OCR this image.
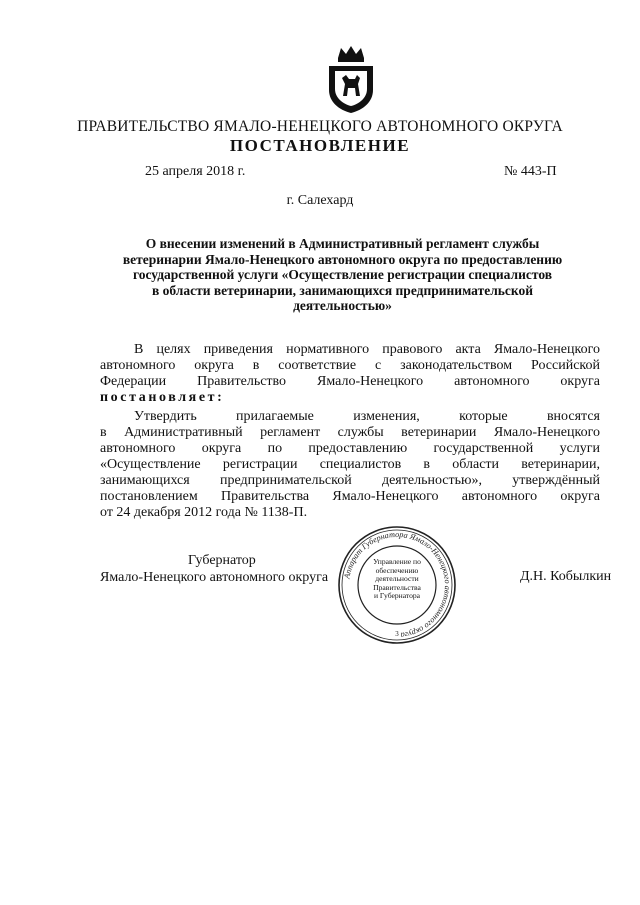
ПРАВИТЕЛЬСТВО ЯМАЛО-НЕНЕЦКОГО АВТОНОМНОГО ОКРУГА
ПОСТАНОВЛЕНИЕ
25 апреля 2018 г.	№ 443-П
г. Салехард
О внесении изменений в Административный регламент службы
ветеринарии Ямало-Ненецкого автономного округа по предоставлению
государственной услуги «Осуществление регистрации специалистов
в области ветеринарии, занимающихся предпринимательской
деятельностью»
В целях приведения нормативного правового акта Ямало-Ненецкого
автономного округа в соответствие с законодательством Российской
Федерации Правительство Ямало-Ненецкого автономного округа
постановляет:
Утвердить прилагаемые изменения, которые вносятся
в Административный регламент службы ветеринарии Ямало-Ненецкого
автономного округа по предоставлению государственной услуги
«Осуществление регистрации специалистов в области ветеринарии,
занимающихся предпринимательской деятельностью», утверждённый
постановлением Правительства Ямало-Ненецкого автономного округа
от 24 декабря 2012 года № 1138-П.
Губернатор
Ямало-Ненецкого автономного округа	Д.Н. Кобылкин
Аппарат Губернатора Ямало-Ненецкого автономного округа
3
Управление по
обеспечению
деятельности
Правительства
и Губернатора
